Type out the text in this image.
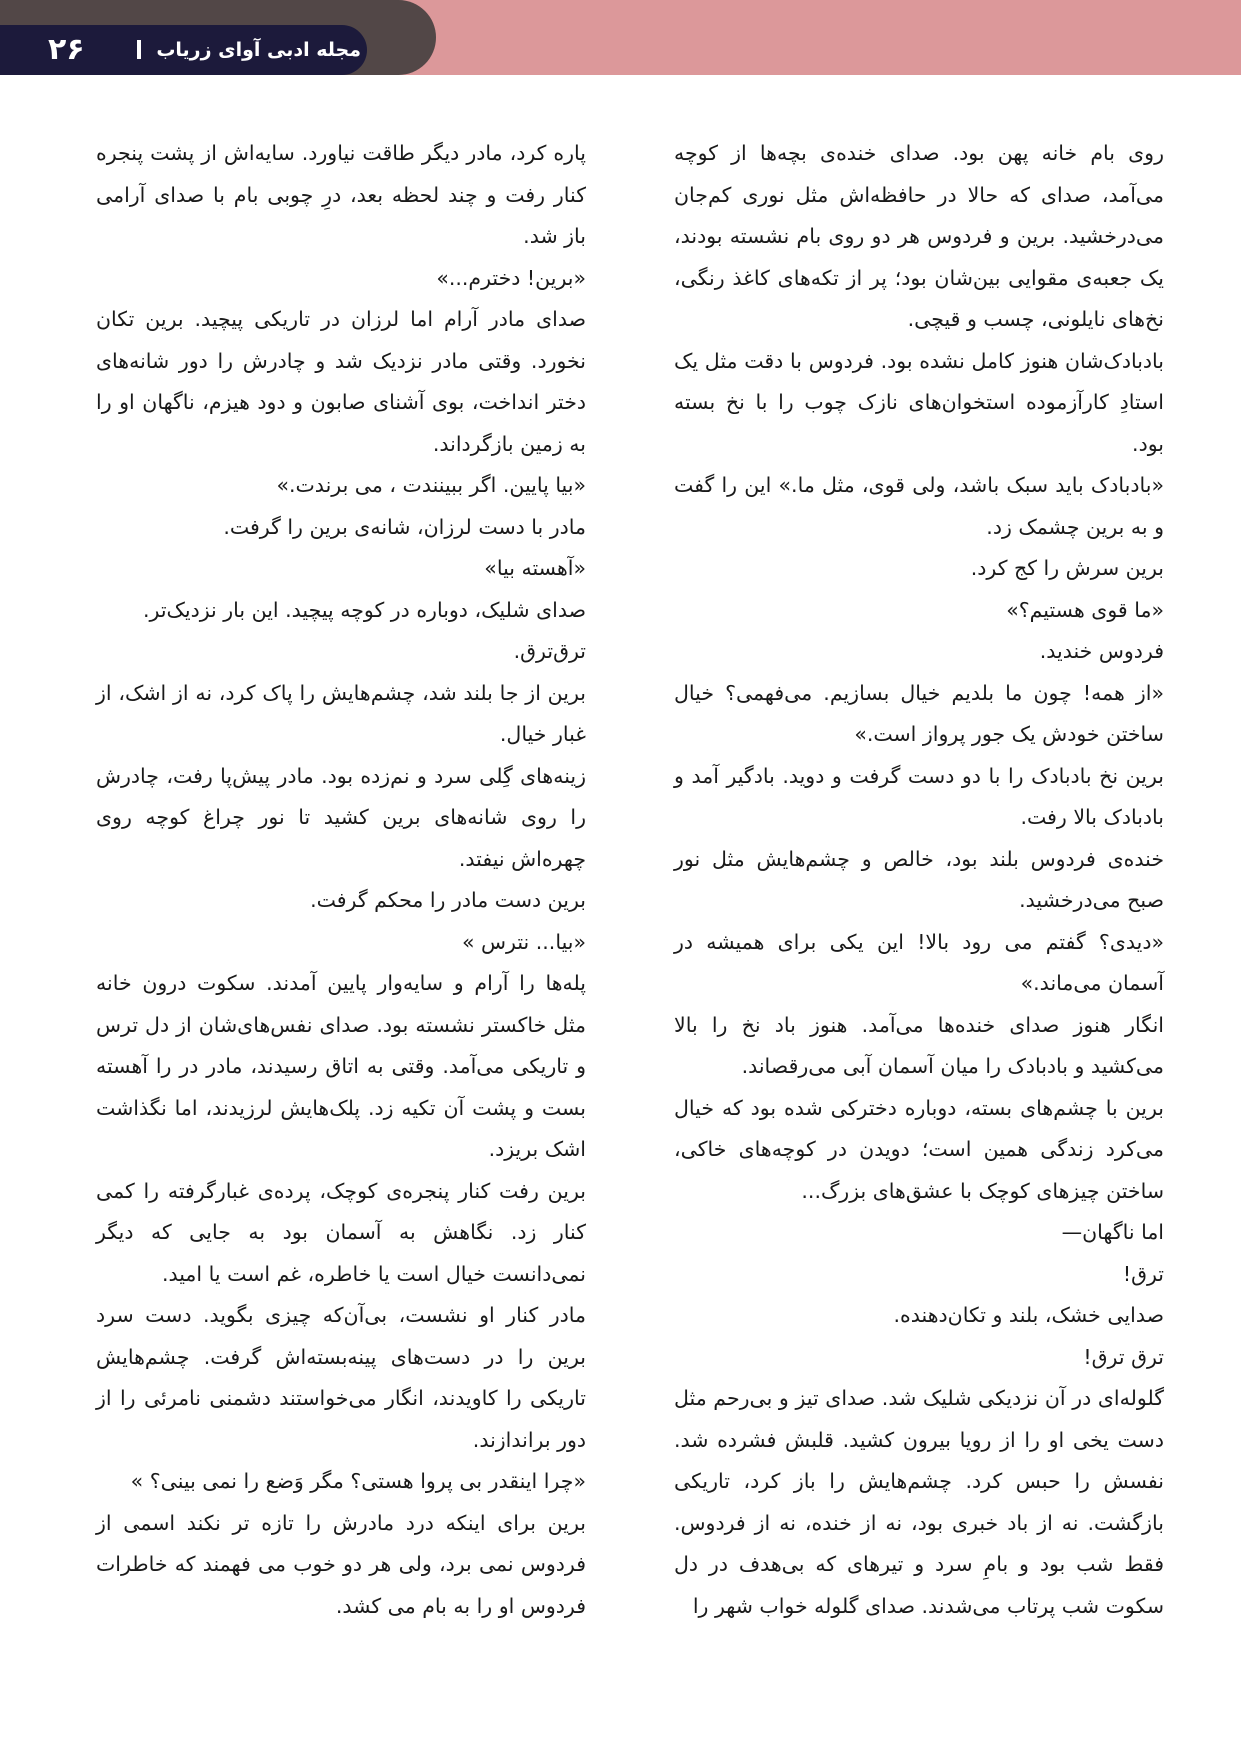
مجله ادبی آوای زریاب
۲۶

روی بام خانه پهن بود. صدای خنده‌ی بچه‌ها از کوچه می‌آمد، صدای که حالا در حافظه‌اش مثل نوری کم‌جان می‌درخشید. برین و فردوس هر دو روی بام نشسته بودند، یک جعبه‌ی مقوایی بین‌شان بود؛ پر از تکه‌های کاغذ رنگی، نخ‌های نایلونی، چسب و قیچی.

بادبادک‌شان هنوز کامل نشده بود. فردوس با دقت مثل یک استادِ کارآزموده استخوان‌های نازک چوب را با نخ بسته بود.

«بادبادک باید سبک باشد، ولی قوی، مثل ما.» این را گفت و به برین چشمک زد.

برین سرش را کج کرد.

«ما قوی هستیم؟»

فردوس خندید.

«از همه! چون ما بلدیم خیال بسازیم. می‌فهمی؟ خیال ساختن خودش یک جور پرواز است.»

برین نخ بادبادک را با دو دست گرفت و دوید. بادگیر آمد و بادبادک بالا رفت.

خنده‌ی فردوس بلند بود، خالص و چشم‌هایش مثل نور صبح می‌درخشید.

«دیدی؟ گفتم می رود بالا! این یکی برای همیشه در آسمان می‌ماند.»

انگار هنوز صدای خنده‌ها می‌آمد. هنوز باد نخ را بالا می‌کشید و بادبادک را میان آسمان آبی می‌رقصاند.

برین با چشم‌های بسته، دوباره دخترکی شده بود که خیال می‌کرد زندگی همین است؛ دویدن در کوچه‌های خاکی، ساختن چیزهای کوچک با عشق‌های بزرگ...

اما ناگهان—

ترق!

صدایی خشک، بلند و تکان‌دهنده.

ترق ترق!

گلوله‌ای در آن نزدیکی شلیک شد. صدای تیز و بی‌رحم مثل دست یخی او را از رویا بیرون کشید. قلبش فشرده شد. نفسش را حبس کرد. چشم‌هایش را باز کرد، تاریکی بازگشت. نه از باد خبری بود، نه از خنده، نه از فردوس. فقط شب بود و بامِ سرد و تیرهای که بی‌هدف در دل سکوت شب پرتاب می‌شدند. صدای گلوله خواب شهر را

پاره کرد، مادر دیگر طاقت نیاورد. سایه‌اش از پشت پنجره کنار رفت و چند لحظه بعد، درِ چوبی بام با صدای آرامی باز شد.

«برین! دخترم...»

صدای مادر آرام اما لرزان در تاریکی پیچید. برین تکان نخورد. وقتی مادر نزدیک شد و چادرش را دور شانه‌های دختر انداخت، بوی آشنای صابون و دود هیزم، ناگهان او را به زمین بازگرداند.

«بیا پایین. اگر ببینندت ، می برندت.»

مادر با دست لرزان، شانه‌ی برین را گرفت.

«آهسته بیا»

صدای شلیک، دوباره در کوچه پیچید. این بار نزدیک‌تر.

ترق‌ترق.

برین از جا بلند شد، چشم‌هایش را پاک کرد، نه از اشک، از غبار خیال.

زینه‌های گِلی سرد و نم‌زده بود. مادر پیش‌پا رفت، چادرش را روی شانه‌های برین کشید تا نور چراغ کوچه روی چهره‌اش نیفتد.

برین دست مادر را محکم گرفت.

«بیا... نترس »

پله‌ها را آرام و سایه‌وار پایین آمدند. سکوت درون خانه مثل خاکستر نشسته بود. صدای نفس‌های‌شان از دل ترس و تاریکی می‌آمد. وقتی به اتاق رسیدند، مادر در را آهسته بست و پشت آن تکیه زد. پلک‌هایش لرزیدند، اما نگذاشت اشک بریزد.

برین رفت کنار پنجره‌ی کوچک، پرده‌ی غبارگرفته را کمی کنار زد. نگاهش به آسمان بود به جایی که دیگر نمی‌دانست خیال است یا خاطره، غم است یا امید.

مادر کنار او نشست، بی‌آن‌که چیزی بگوید. دست سرد برین را در دست‌های پینه‌بسته‌اش گرفت. چشم‌هایش تاریکی را کاویدند، انگار می‌خواستند دشمنی نامرئی را از دور براندازند.

«چرا اینقدر بی پروا هستی؟ مگر وَضع را نمی بینی؟ »

برین برای اینکه درد مادرش را تازه تر نکند اسمی از فردوس نمی برد، ولی هر دو خوب می فهمند که خاطرات فردوس او را به بام می کشد.
